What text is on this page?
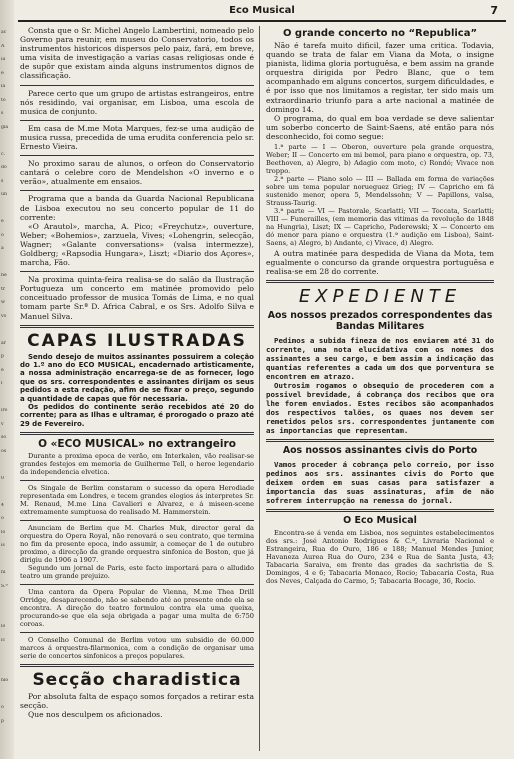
ac
A
ia
é
la
to
s
gia
c.
do
s
un
e
o
a
ne
tr
w
vo
ar
p
é
l
iro
v
so
os
0
4
o
lo
is
ni
S.ª
lo
ic
nio
o
p
Eco Musical	7

Consta que o Sr. Michel Angelo Lambertini, nomeado pelo Governo para reunir, em museu do Conservatorio, todos os instrumentos historicos dispersos pelo paiz, fará, em breve, uma visita de investigação a varias casas religiosas onde é de supôr que existam ainda alguns instrumentos dignos de classificação.

Parece certo que um grupo de artistas estrangeiros, entre nós residindo, vai organisar, em Lisboa, uma escola de musica de conjunto.

Em casa de M.me Mota Marques, fez-se uma audição de musica russa, precedida de uma erudita conferencia pelo sr. Ernesto Vieira.

No proximo sarau de alunos, o orfeon do Conservatorio cantará o celebre coro de Mendelshon «O inverno e o verão», atualmente em ensaios.

Programa que a banda da Guarda Nacional Republicana de Lisboa executou no seu concerto popular de 11 do corrente:

«O Arautol», marcha, A. Pico; «Freychutz», ouverture, Weber; «Bohemios», zarzuela, Vives; «Lohengrin, selecção, Wagner; «Galante conversations» (valsa intermezze), Goldberg; «Rapsodia Hungara», Liszt; «Diario dos Açores», marcha, Fão.

Na proxima quinta-feira realisa-se do salão da Ilustração Portugueza um concerto em matinée promovido pelo conceituado professor de musica Tomás de Lima, e no qual tomam parte Sr.ª D. Africa Cabral, e os Srs. Adolfo Silva e Manuel Silva.

CAPAS ILUSTRADAS

Sendo desejo de muitos assinantes possuirem a coleção do 1.º ano do ECO MUSICAL, encadernado artisticamente, a nossa administração encarrega-se de as fornecer, logo que os srs. correspondentes e assinantes dirijam os seus pedidos a esta redação, afim de se fixar o preço, segundo a quantidade de capas que fôr necessaria.

Os pedidos do continente serão recebidos até 20 do corrente; para as Ilhas e ultramar, é prorogado o prazo até 29 de Fevereiro.

O «ECO MUSICAL» no extrangeiro

Durante a proxima epoca de verão, em Interkalen, vão realisar-se grandes festejos em memoria de Guilherme Tell, o heroe legendario da independencia elvetica.

Os Singale de Berlim constaram o sucesso da opera Herodiade representada em Londres, e tecem grandes elogios ás interpretes Sr. M. Renaud, M.me Lina Cavalieri e Alvarez, e á miseen-scene extremamente sumptuosa do realisado M. Hammerstein.

Anunciam de Berlim que M. Charles Muk, director geral da orquestra do Opera Royal, não renovará o seu contrato, que termina no fim da presente epoca, indo assumir, a começar de 1 de outubro proximo, a direcção da grande orquestra sinfonica de Boston, que já dirigiu de 1906 a 1907.

Segundo um jornal de Paris, este facto importará para o alludido teatro um grande prejuizo.

Uma cantora da Opera Popular de Vienna, M.me Thea Drill Orridge, desaparecendo, não se sabendo até ao presente onde ela se encontra. A direção do teatro formulou contra ela uma queixa, procurando-se que ela seja obrigada a pagar uma multa de 6:750 coroas.

O Conselho Comunal de Berlim votou um subsidio de 60.000 marcos á orquestra-filarmonica, com a condição de organisar uma serie de concertos sinfonicos a preços populares.

Secção charadistica

Por absoluta falta de espaço somos forçados a retirar esta secção.

Que nos desculpem os aficionados.

O grande concerto no “Republica”

Não é tarefa muito dificil, fazer uma critica. Todavia, quando se trata de falar em Viana da Mota, o insigne pianista, lidima gloria portuguêsa, e bem assim na grande orquestra dirigida por Pedro Blanc, que o tem acompanhado em alguns concertos, surgem dificuldades, e é por isso que nos limitamos a registar, ter sido mais um extraordinario triunfo para a arte nacional a matinée de domingo 14.

O programa, do qual em boa verdade se deve salientar um soberbo concerto de Saint-Saens, até então para nós desconhecido, foi como segue:

1.ª parte — I — Oberon, ouverture pela grande orquestra, Weber; II — Concerto em mi bemol, para piano e orquestra, op. 73, Beethoven, a) Alegro, b) Adagio com moto, c) Rondó; Vivace non troppo.

2.ª parte — Piano solo — III — Ballada em forma de variações sobre um tema popular norueguez Grieg; IV — Capricho em fá sustenido menor, opera 5, Mendelssohn; V — Papillons, valsa, Strauss-Taurig.

3.ª parte — VI — Pastorale, Scarlatti; VII — Toccata, Scarlatti; VIII — Funerailles, (em memoria das vitimas da revolução de 1848 na Hungria), Liszt; IX — Capricho, Paderewski; X — Concerto em dó menor para piano e orquestra (1.ª audição em Lisboa), Saint-Saens, a) Alegro, b) Andante, c) Vivace, d) Alegro.

A outra matinée para despedida de Viana da Mota, tem egualmente o concurso da grande orquestra portuguêsa e realisa-se em 28 do corrente.

EXPEDIENTE
Aos nossos prezados correspondentes das Bandas Militares

Pedimos a subida fineza de nos enviarem até 31 do corrente, uma nota elucidativa com os nomes dos assinantes a seu cargo, e bem assim a indicação das quantias referentes a cada um dos que porventura se encontrem em atrazo.

Outrosim rogamos o obsequio de procederem com a possivel brevidade, á cobrança dos recibos que ora lhe forem enviados. Estes recibos são acompanhados dos respectivos talões, os quaes nos devem ser remetidos pelos srs. correspondentes juntamente com as importancias que representam.

Aos nossos assinantes civis do Porto

Vamos proceder á cobrança pelo correio, por isso pedimos aos srs. assinantes civis do Porto que deixem ordem em suas casas para satisfazer a importancia das suas assinaturas, afim de não sofrerem interrupção na remessa do jornal.

O Eco Musical

Encontra-se á venda em Lisboa, nos seguintes estabelecimentos dos srs.: José Antonio Rodrigues & C.ª, Livraria Nacional e Estrangeira, Rua do Ouro, 186 e 188; Manuel Mendes Junior, Havaneza Aurea Rua do Ouro, 234 e Rua de Santa Justa, 43; Tabacaria Saraiva, em frente das grades da sachristia de S. Domingos, 4 e 6; Tabacaria Monaco, Rocio; Tabacaria Costa, Rua dos Neves, Calçada do Carmo, 5; Tabacaria Bocage, 36, Rocio.
